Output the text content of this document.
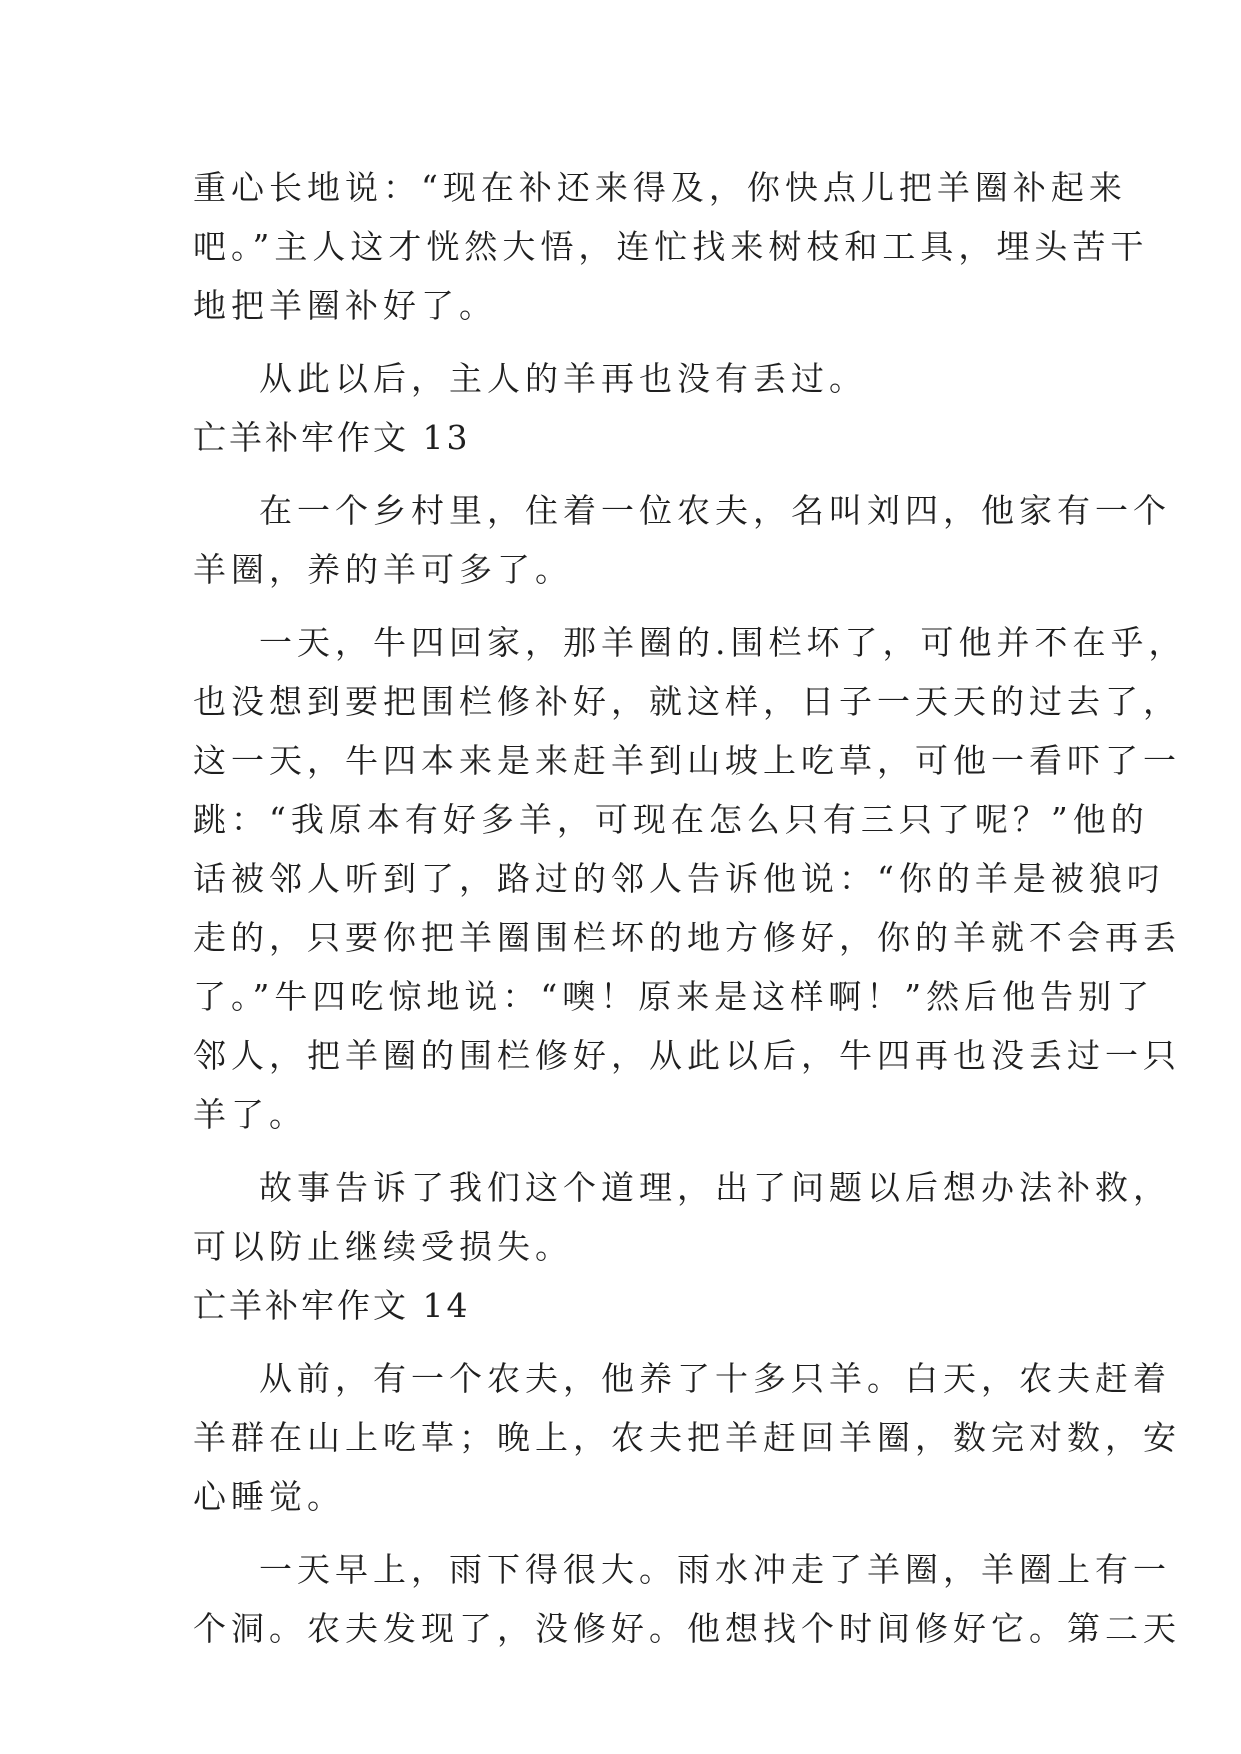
重心长地说：“现在补还来得及，你快点儿把羊圈补起来
吧。”主人这才恍然大悟，连忙找来树枝和工具，埋头苦干
地把羊圈补好了。
从此以后，主人的羊再也没有丢过。
亡羊补牢作文 13
在一个乡村里，住着一位农夫，名叫刘四，他家有一个
羊圈，养的羊可多了。
一天，牛四回家，那羊圈的.围栏坏了，可他并不在乎，
也没想到要把围栏修补好，就这样，日子一天天的过去了，
这一天，牛四本来是来赶羊到山坡上吃草，可他一看吓了一
跳：“我原本有好多羊，可现在怎么只有三只了呢？”他的
话被邻人听到了，路过的邻人告诉他说：“你的羊是被狼叼
走的，只要你把羊圈围栏坏的地方修好，你的羊就不会再丢
了。”牛四吃惊地说：“噢！原来是这样啊！”然后他告别了
邻人，把羊圈的围栏修好，从此以后，牛四再也没丢过一只
羊了。
故事告诉了我们这个道理，出了问题以后想办法补救，
可以防止继续受损失。
亡羊补牢作文 14
从前，有一个农夫，他养了十多只羊。白天，农夫赶着
羊群在山上吃草；晚上，农夫把羊赶回羊圈，数完对数，安
心睡觉。
一天早上，雨下得很大。雨水冲走了羊圈，羊圈上有一
个洞。农夫发现了，没修好。他想找个时间修好它。第二天
